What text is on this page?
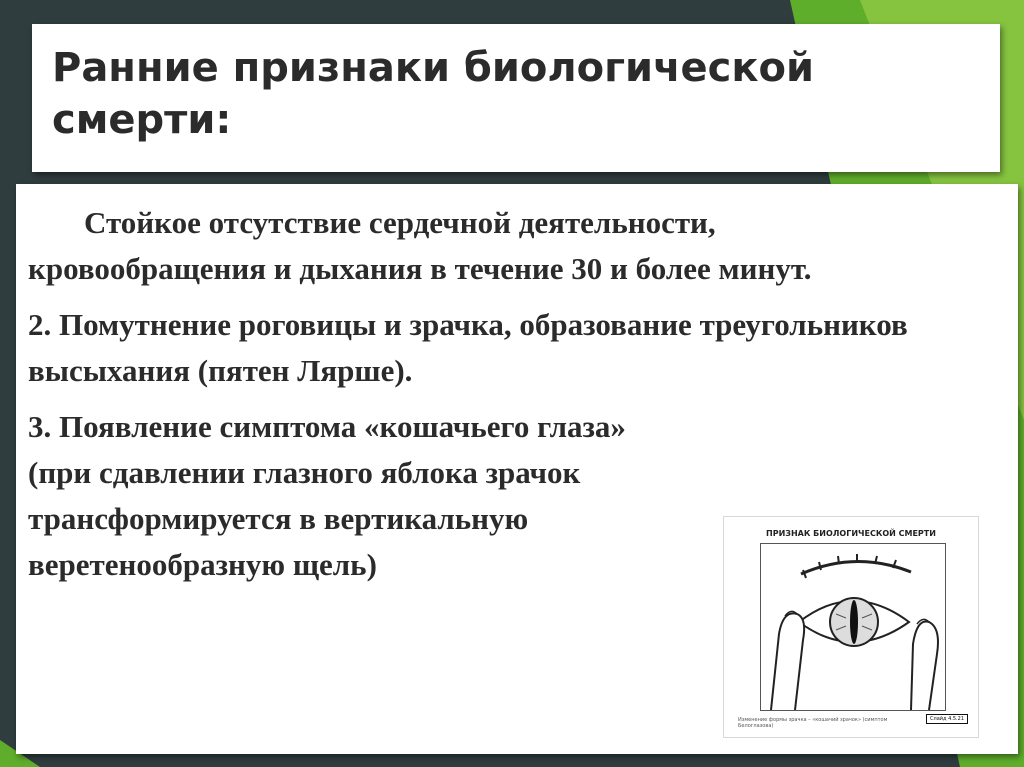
Ранние признаки биологической смерти:

Стойкое отсутствие сердечной деятельности, кровообращения и дыхания в течение 30 и более минут.

2. Помутнение роговицы и зрачка, образование треугольников высыхания (пятен Лярше).

3. Появление симптома «кошачьего глаза» (при сдавлении глазного яблока зрачок
трансформируется в вертикальную веретенообразную щель)

ПРИЗНАК БИОЛОГИЧЕСКОЙ СМЕРТИ
Изменение формы зрачка – «кошачий зрачок» (симптом Белоглазова)
Слайд 4.5.21
